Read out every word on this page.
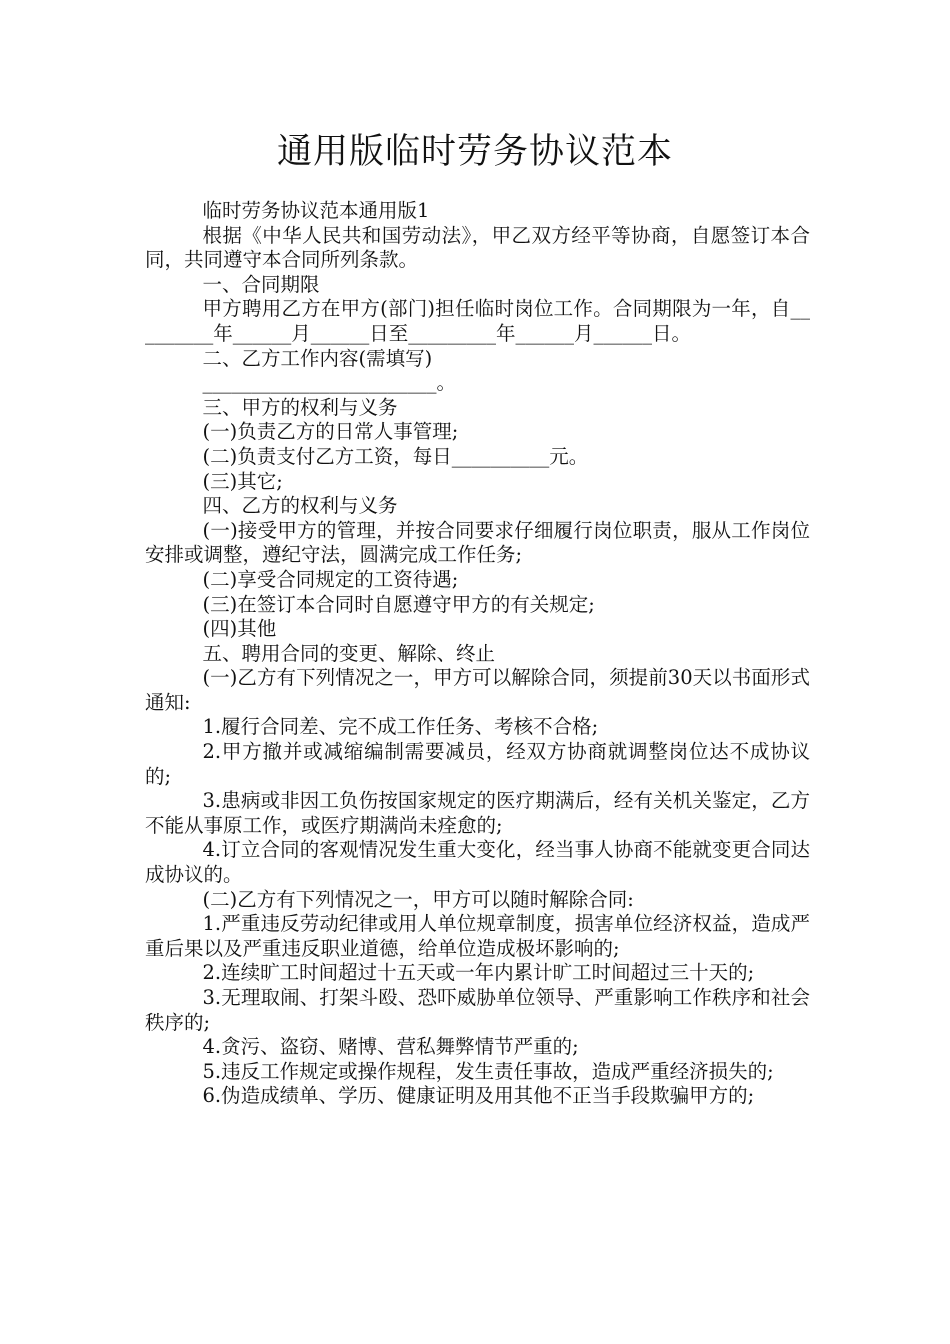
通用版临时劳务协议范本

临时劳务协议范本通用版1

根据《中华人民共和国劳动法》，甲乙双方经平等协商，自愿签订本合同，共同遵守本合同所列条款。

一、合同期限

甲方聘用乙方在甲方(部门)担任临时岗位工作。合同期限为一年，自_________年______月______日至_________年______月______日。

二、乙方工作内容(需填写)

________________________。

三、甲方的权利与义务

(一)负责乙方的日常人事管理;

(二)负责支付乙方工资，每日__________元。

(三)其它;

四、乙方的权利与义务

(一)接受甲方的管理，并按合同要求仔细履行岗位职责，服从工作岗位安排或调整，遵纪守法，圆满完成工作任务;

(二)享受合同规定的工资待遇;

(三)在签订本合同时自愿遵守甲方的有关规定;

(四)其他

五、聘用合同的变更、解除、终止

(一)乙方有下列情况之一，甲方可以解除合同，须提前30天以书面形式通知:

1.履行合同差、完不成工作任务、考核不合格;

2.甲方撤并或减缩编制需要减员，经双方协商就调整岗位达不成协议的;

3.患病或非因工负伤按国家规定的医疗期满后，经有关机关鉴定，乙方不能从事原工作，或医疗期满尚未痊愈的;

4.订立合同的客观情况发生重大变化，经当事人协商不能就变更合同达成协议的。

(二)乙方有下列情况之一，甲方可以随时解除合同:

1.严重违反劳动纪律或用人单位规章制度，损害单位经济权益，造成严重后果以及严重违反职业道德，给单位造成极坏影响的;

2.连续旷工时间超过十五天或一年内累计旷工时间超过三十天的;

3.无理取闹、打架斗殴、恐吓威胁单位领导、严重影响工作秩序和社会秩序的;

4.贪污、盗窃、赌博、营私舞弊情节严重的;

5.违反工作规定或操作规程，发生责任事故，造成严重经济损失的;

6.伪造成绩单、学历、健康证明及用其他不正当手段欺骗甲方的;
